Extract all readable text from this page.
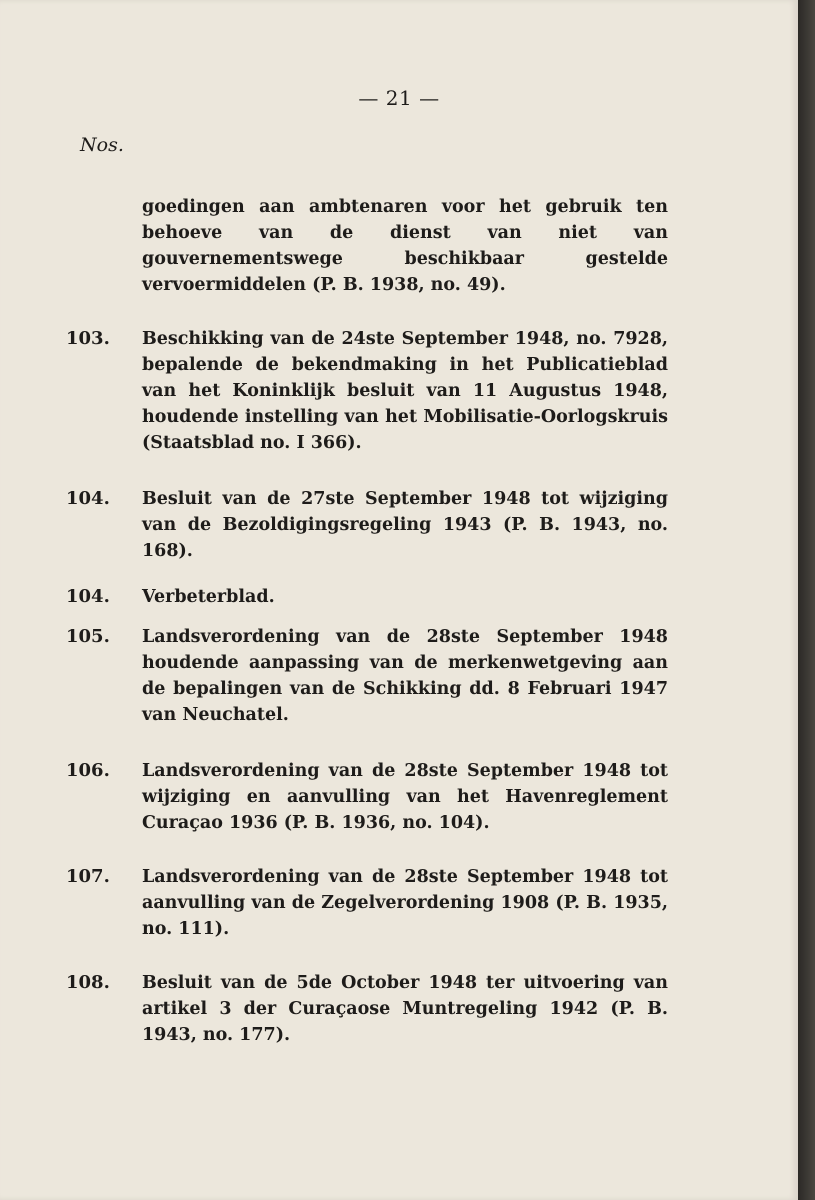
— 21 —
Nos.
goedingen aan ambtenaren voor het gebruik ten behoeve van de dienst van niet van gouvernementswege beschikbaar gestelde vervoermiddelen (P. B. 1938, no. 49).
103. Beschikking van de 24ste September 1948, no. 7928, bepalende de bekendmaking in het Publicatieblad van het Koninklijk besluit van 11 Augustus 1948, houdende instelling van het Mobilisatie-Oorlogskruis (Staatsblad no. I 366).
104. Besluit van de 27ste September 1948 tot wijziging van de Bezoldigingsregeling 1943 (P. B. 1943, no. 168).
104. Verbeterblad.
105. Landsverordening van de 28ste September 1948 houdende aanpassing van de merkenwetgeving aan de bepalingen van de Schikking dd. 8 Februari 1947 van Neuchatel.
106. Landsverordening van de 28ste September 1948 tot wijziging en aanvulling van het Havenreglement Curaçao 1936 (P. B. 1936, no. 104).
107. Landsverordening van de 28ste September 1948 tot aanvulling van de Zegelverordening 1908 (P. B. 1935, no. 111).
108. Besluit van de 5de October 1948 ter uitvoering van artikel 3 der Curaçaose Muntregeling 1942 (P. B. 1943, no. 177).
